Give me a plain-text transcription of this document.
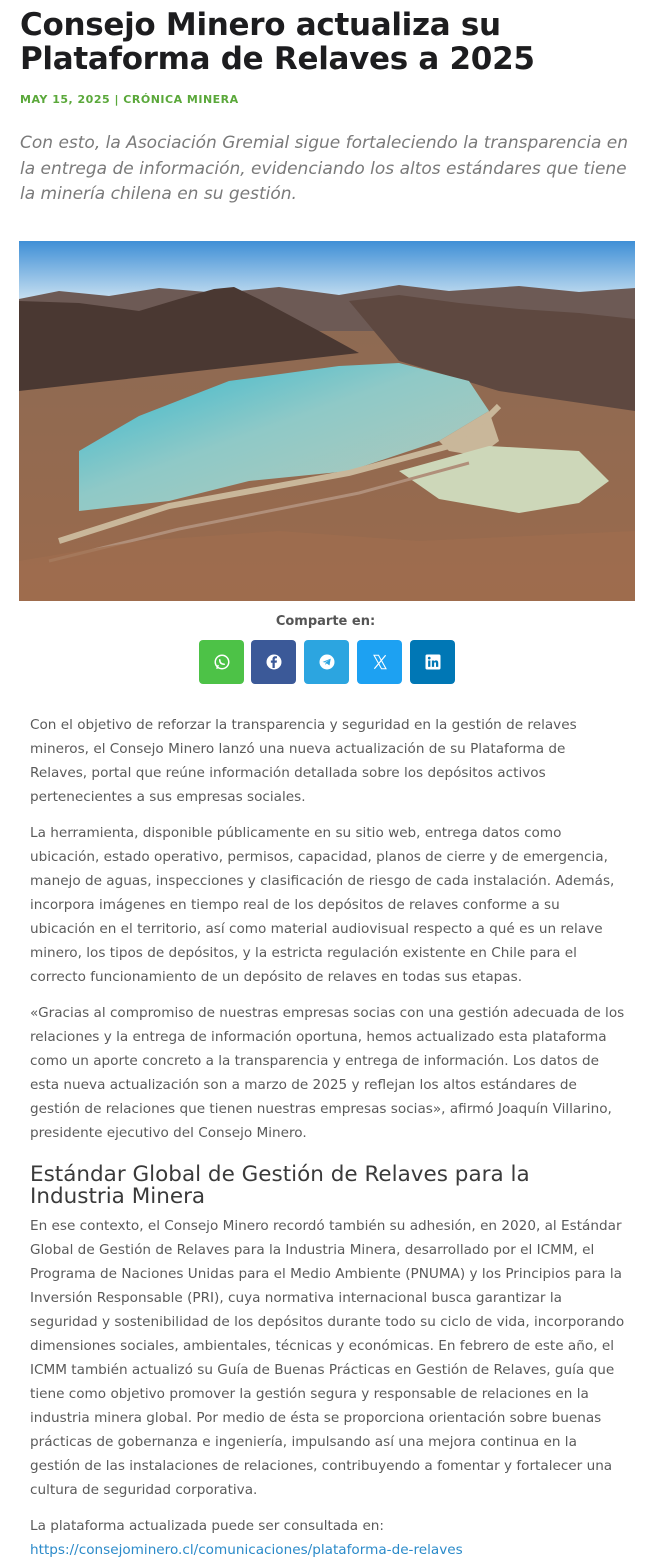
Consejo Minero actualiza su Plataforma de Relaves a 2025
MAY 15, 2025 | CRÓNICA MINERA

Con esto, la Asociación Gremial sigue fortaleciendo la transparencia en la entrega de información, evidenciando los altos estándares que tiene la minería chilena en su gestión.

Comparte en:

Con el objetivo de reforzar la transparencia y seguridad en la gestión de relaves mineros, el Consejo Minero lanzó una nueva actualización de su Plataforma de Relaves, portal que reúne información detallada sobre los depósitos activos pertenecientes a sus empresas sociales.

La herramienta, disponible públicamente en su sitio web, entrega datos como ubicación, estado operativo, permisos, capacidad, planos de cierre y de emergencia, manejo de aguas, inspecciones y clasificación de riesgo de cada instalación. Además, incorpora imágenes en tiempo real de los depósitos de relaves conforme a su ubicación en el territorio, así como material audiovisual respecto a qué es un relave minero, los tipos de depósitos, y la estricta regulación existente en Chile para el correcto funcionamiento de un depósito de relaves en todas sus etapas.

«Gracias al compromiso de nuestras empresas socias con una gestión adecuada de los relaciones y la entrega de información oportuna, hemos actualizado esta plataforma como un aporte concreto a la transparencia y entrega de información. Los datos de esta nueva actualización son a marzo de 2025 y reflejan los altos estándares de gestión de relaciones que tienen nuestras empresas socias», afirmó Joaquín Villarino, presidente ejecutivo del Consejo Minero.

Estándar Global de Gestión de Relaves para la Industria Minera

En ese contexto, el Consejo Minero recordó también su adhesión, en 2020, al Estándar Global de Gestión de Relaves para la Industria Minera, desarrollado por el ICMM, el Programa de Naciones Unidas para el Medio Ambiente (PNUMA) y los Principios para la Inversión Responsable (PRI), cuya normativa internacional busca garantizar la seguridad y sostenibilidad de los depósitos durante todo su ciclo de vida, incorporando dimensiones sociales, ambientales, técnicas y económicas. En febrero de este año, el ICMM también actualizó su Guía de Buenas Prácticas en Gestión de Relaves, guía que tiene como objetivo promover la gestión segura y responsable de relaciones en la industria minera global. Por medio de ésta se proporciona orientación sobre buenas prácticas de gobernanza e ingeniería, impulsando así una mejora continua en la gestión de las instalaciones de relaciones, contribuyendo a fomentar y fortalecer una cultura de seguridad corporativa.

La plataforma actualizada puede ser consultada en: https://consejominero.cl/comunicaciones/plataforma-de-relaves
